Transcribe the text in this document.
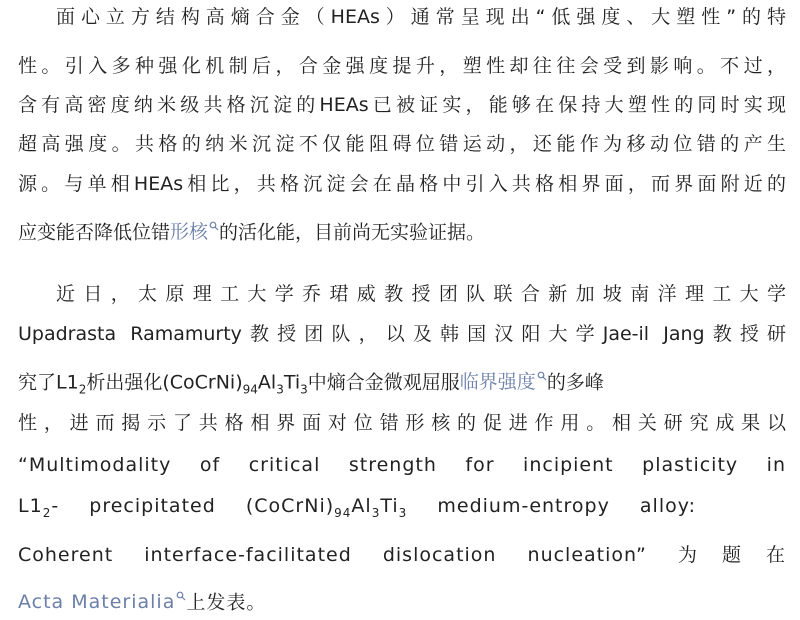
面心立方结构高熵合金（HEAs）通常呈现出“低强度、大塑性”的特
性。引入多种强化机制后，合金强度提升，塑性却往往会受到影响。不过，
含有高密度纳米级共格沉淀的HEAs已被证实，能够在保持大塑性的同时实现
超高强度。共格的纳米沉淀不仅能阻碍位错运动，还能作为移动位错的产生
源。与单相HEAs相比，共格沉淀会在晶格中引入共格相界面，而界面附近的
应变能否降低位错形核 的活化能，目前尚无实验证据。
近日，太原理工大学乔珺威教授团队联合新加坡南洋理工大学
Upadrasta Ramamurty教授团队，以及韩国汉阳大学Jae-il Jang教授研
究了$L1_2$析出强化$(CoCrNi)_{94}Al_3Ti_3$中熵合金微观屈服临界强度 的多峰
性，进而揭示了共格相界面对位错形核的促进作用。相关研究成果以
“Multimodality of critical strength for incipient plasticity in
$L1_2-$  precipitated  $(CoCrNi)_{94}Al_3Ti_3$  medium-entropy  alloy:
Coherent interface-facilitated dislocation nucleation” 为题在
Acta Materialia 上发表。
